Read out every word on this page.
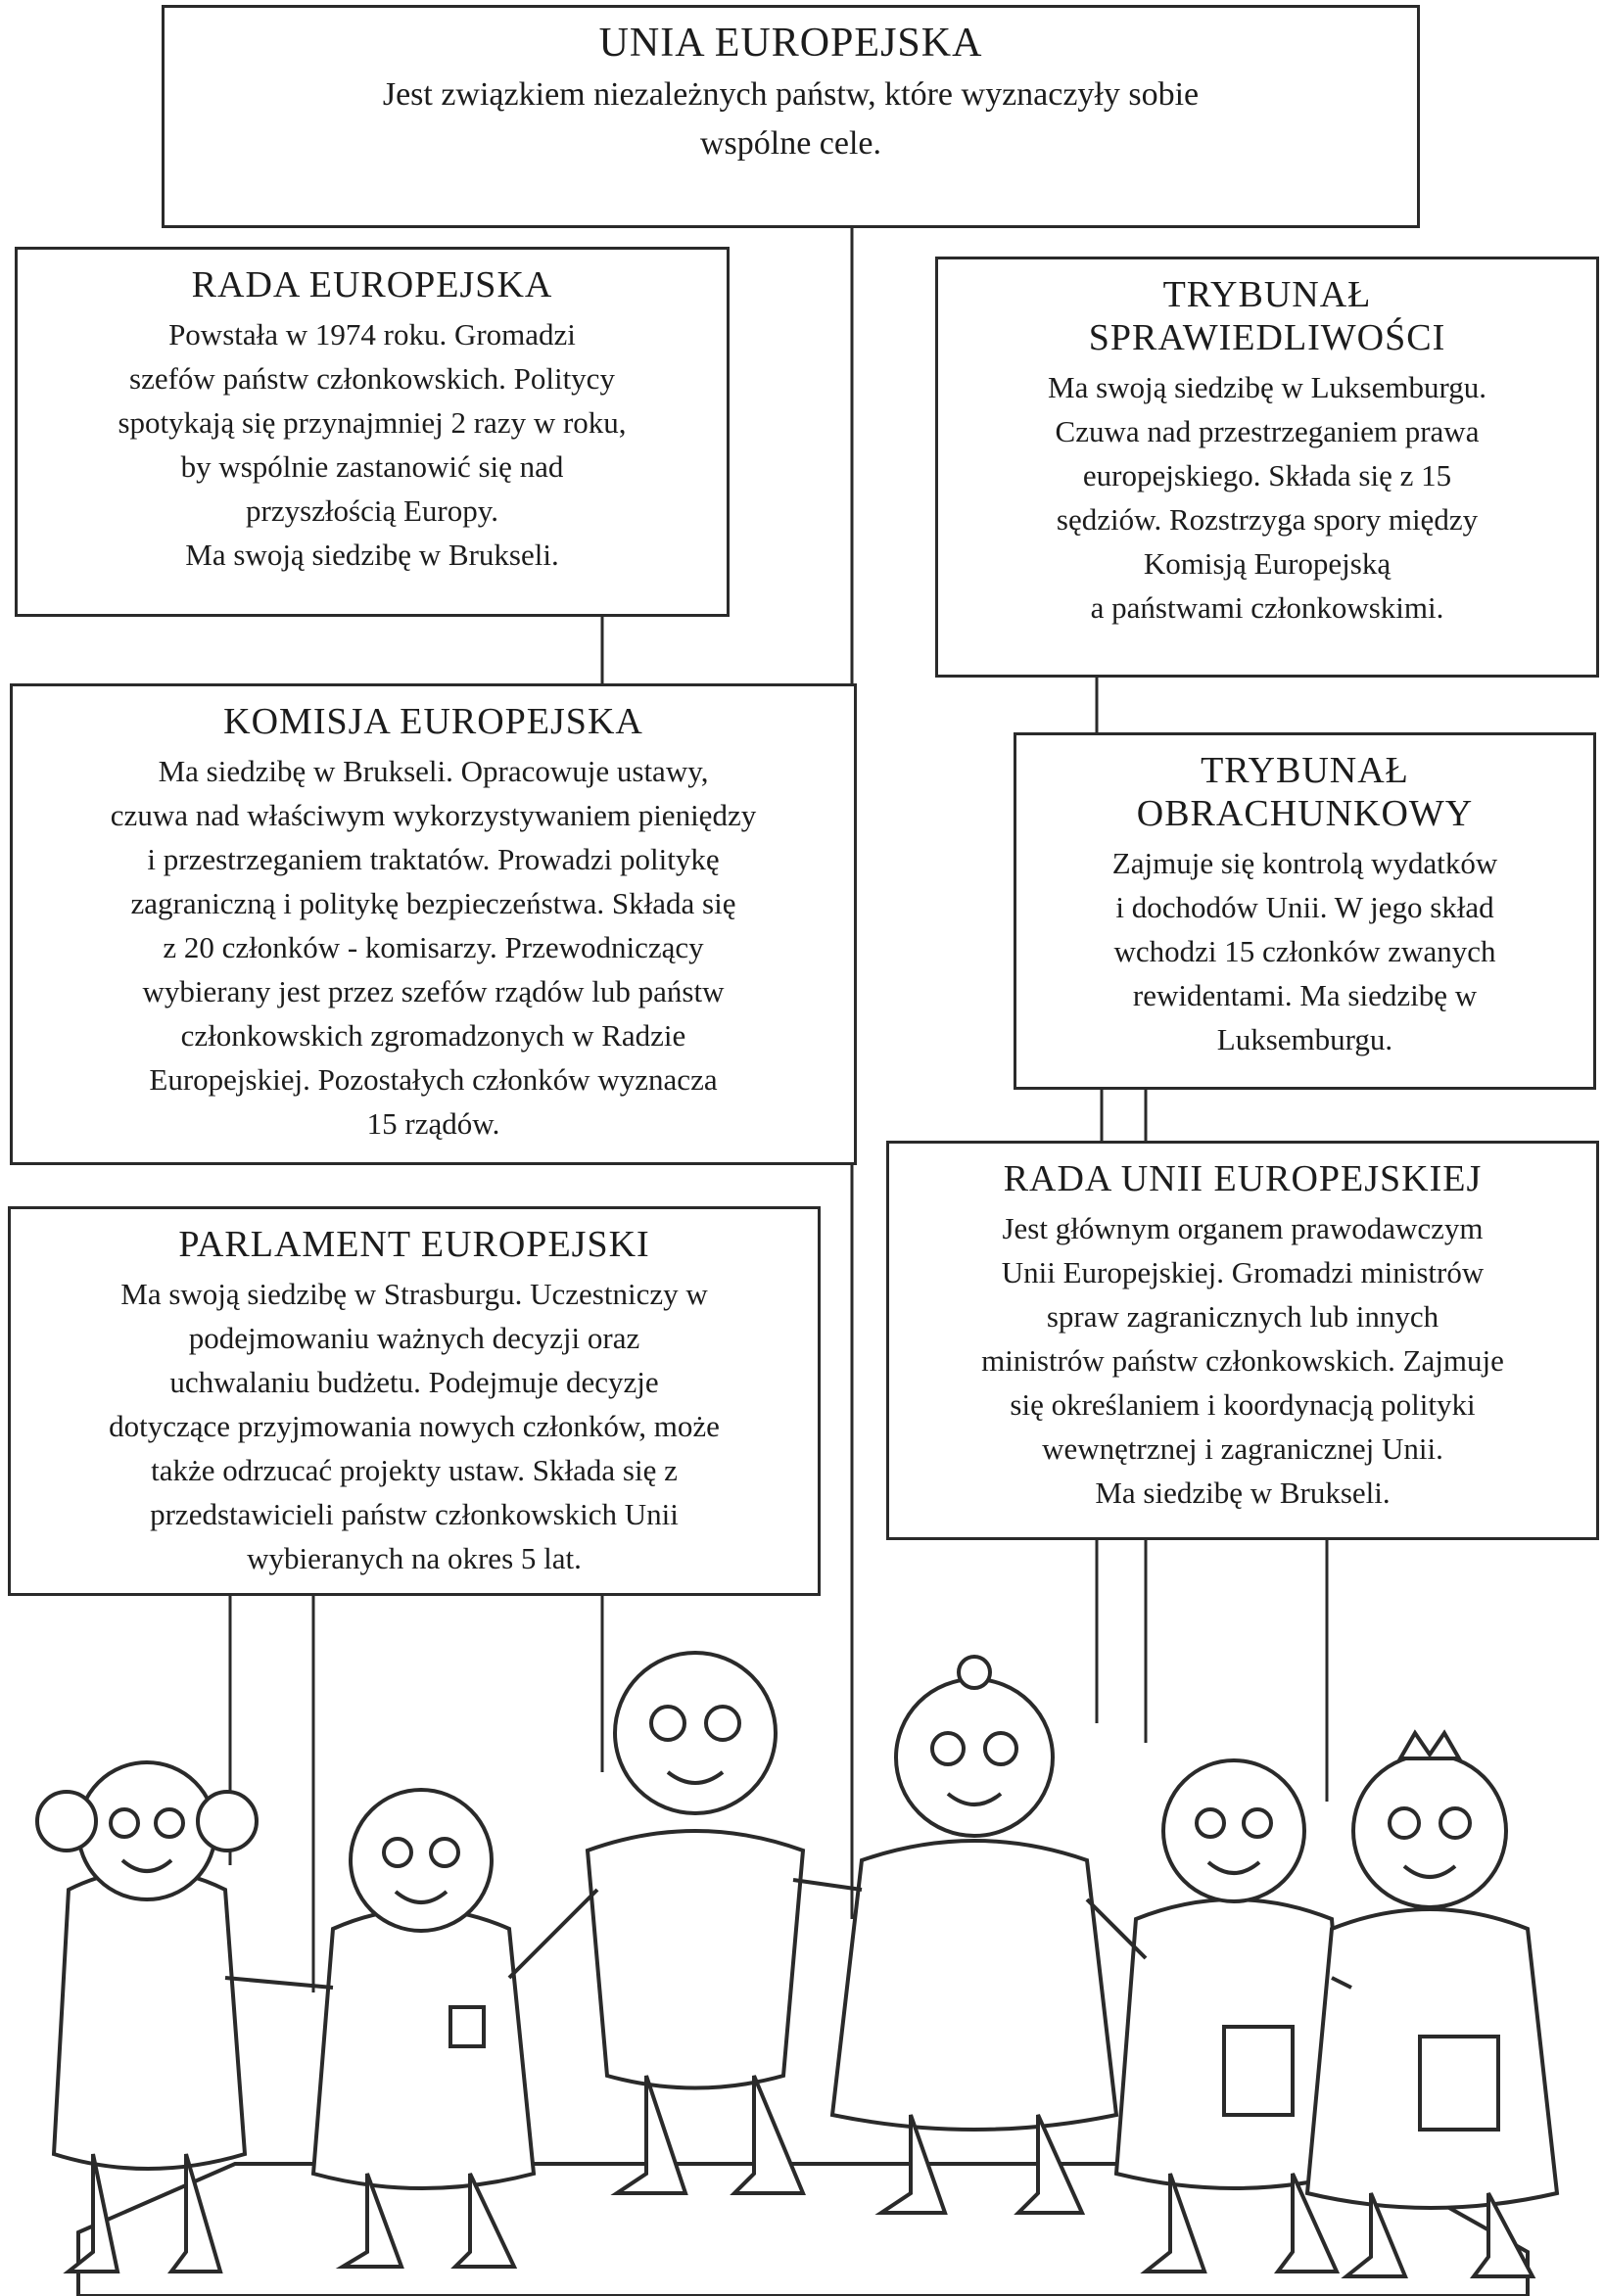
UNIA EUROPEJSKA
Jest związkiem niezależnych państw, które wyznaczyły sobie
wspólne cele.
RADA EUROPEJSKA
Powstała w 1974 roku. Gromadzi
szefów państw członkowskich. Politycy
spotykają się przynajmniej 2 razy w roku,
by wspólnie zastanowić się nad
przyszłością Europy.
Ma swoją siedzibę w Brukseli.
TRYBUNAŁ
SPRAWIEDLIWOŚCI
Ma swoją siedzibę w Luksemburgu.
Czuwa nad przestrzeganiem prawa
europejskiego. Składa się z 15
sędziów. Rozstrzyga spory między
Komisją Europejską
a państwami członkowskimi.
KOMISJA EUROPEJSKA
Ma siedzibę w Brukseli. Opracowuje ustawy,
czuwa nad właściwym wykorzystywaniem pieniędzy
i przestrzeganiem traktatów. Prowadzi politykę
zagraniczną i politykę bezpieczeństwa. Składa się
z 20 członków - komisarzy. Przewodniczący
wybierany jest przez szefów rządów lub państw
członkowskich zgromadzonych w Radzie
Europejskiej. Pozostałych członków wyznacza
15 rządów.
TRYBUNAŁ
OBRACHUNKOWY
Zajmuje się kontrolą wydatków
i dochodów Unii. W jego skład
wchodzi 15 członków zwanych
rewidentami. Ma siedzibę w
Luksemburgu.
PARLAMENT EUROPEJSKI
Ma swoją siedzibę w Strasburgu. Uczestniczy w
podejmowaniu ważnych decyzji oraz
uchwalaniu budżetu. Podejmuje decyzje
dotyczące przyjmowania nowych członków, może
także odrzucać projekty ustaw. Składa się z
przedstawicieli państw członkowskich Unii
wybieranych na okres 5 lat.
RADA UNII EUROPEJSKIEJ
Jest głównym organem prawodawczym
Unii Europejskiej. Gromadzi ministrów
spraw zagranicznych lub innych
ministrów państw członkowskich. Zajmuje
się określaniem i koordynacją polityki
wewnętrznej i zagranicznej Unii.
Ma siedzibę w Brukseli.
